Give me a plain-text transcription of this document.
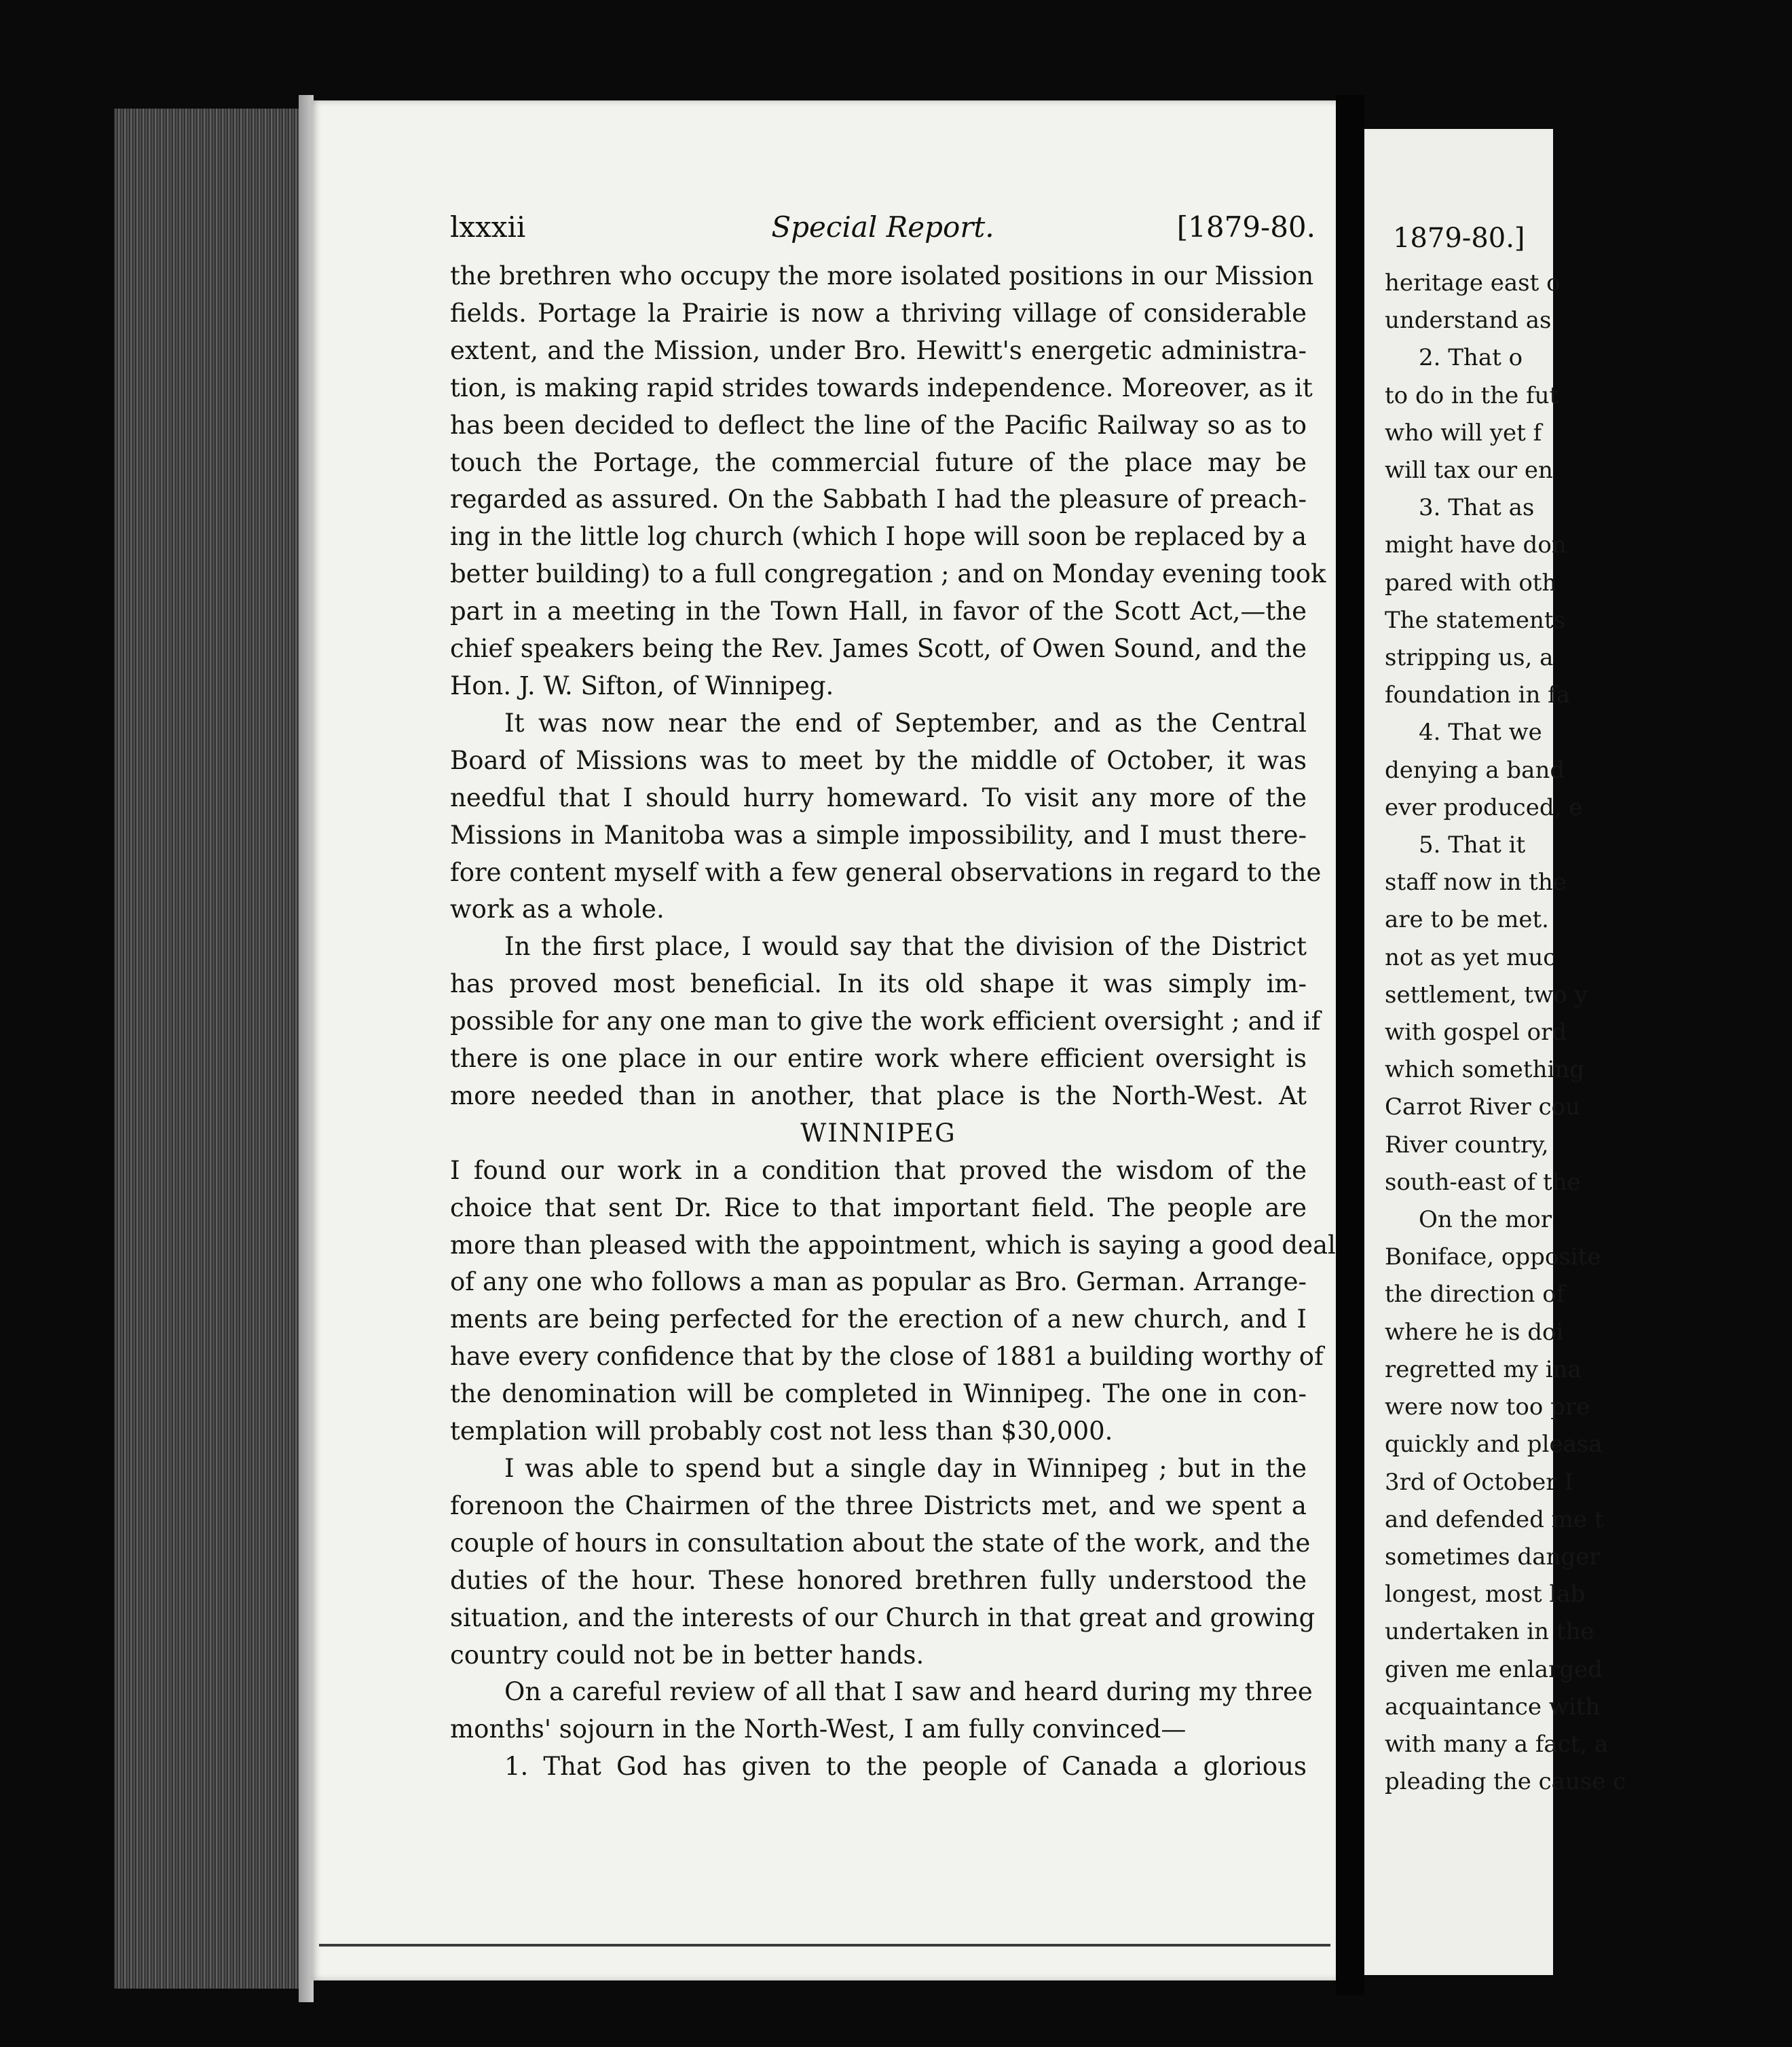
lxxxii	Special Report.	[1879-80.
the brethren who occupy the more isolated positions in our Mission
fields. Portage la Prairie is now a thriving village of considerable
extent, and the Mission, under Bro. Hewitt's energetic administra-
tion, is making rapid strides towards independence. Moreover, as it
has been decided to deflect the line of the Pacific Railway so as to
touch the Portage, the commercial future of the place may be
regarded as assured. On the Sabbath I had the pleasure of preach-
ing in the little log church (which I hope will soon be replaced by a
better building) to a full congregation ; and on Monday evening took
part in a meeting in the Town Hall, in favor of the Scott Act,—the
chief speakers being the Rev. James Scott, of Owen Sound, and the
Hon. J. W. Sifton, of Winnipeg.
It was now near the end of September, and as the Central
Board of Missions was to meet by the middle of October, it was
needful that I should hurry homeward. To visit any more of the
Missions in Manitoba was a simple impossibility, and I must there-
fore content myself with a few general observations in regard to the
work as a whole.
In the first place, I would say that the division of the District
has proved most beneficial. In its old shape it was simply im-
possible for any one man to give the work efficient oversight ; and if
there is one place in our entire work where efficient oversight is
more needed than in another, that place is the North-West. At
WINNIPEG
I found our work in a condition that proved the wisdom of the
choice that sent Dr. Rice to that important field. The people are
more than pleased with the appointment, which is saying a good deal
of any one who follows a man as popular as Bro. German. Arrange-
ments are being perfected for the erection of a new church, and I
have every confidence that by the close of 1881 a building worthy of
the denomination will be completed in Winnipeg. The one in con-
templation will probably cost not less than $30,000.
I was able to spend but a single day in Winnipeg ; but in the
forenoon the Chairmen of the three Districts met, and we spent a
couple of hours in consultation about the state of the work, and the
duties of the hour. These honored brethren fully understood the
situation, and the interests of our Church in that great and growing
country could not be in better hands.
On a careful review of all that I saw and heard during my three
months' sojourn in the North-West, I am fully convinced—
1. That God has given to the people of Canada a glorious
1879-80.]
heritage east o
understand as
2. That o
to do in the fut
who will yet f
will tax our en
3. That as
might have don
pared with oth
The statements
stripping us, a
foundation in fa
4. That we
denying a band
ever produced, e
5. That it
staff now in the
are to be met.
not as yet muc
settlement, two y
with gospel ord
which something
Carrot River cou
River country,
south-east of the
On the mor
Boniface, opposite
the direction of
where he is doi
regretted my ina
were now too pre
quickly and pleasa
3rd of October I
and defended me t
sometimes danger
longest, most lab
undertaken in the
given me enlarged
acquaintance with
with many a fact, a
pleading the cause c
